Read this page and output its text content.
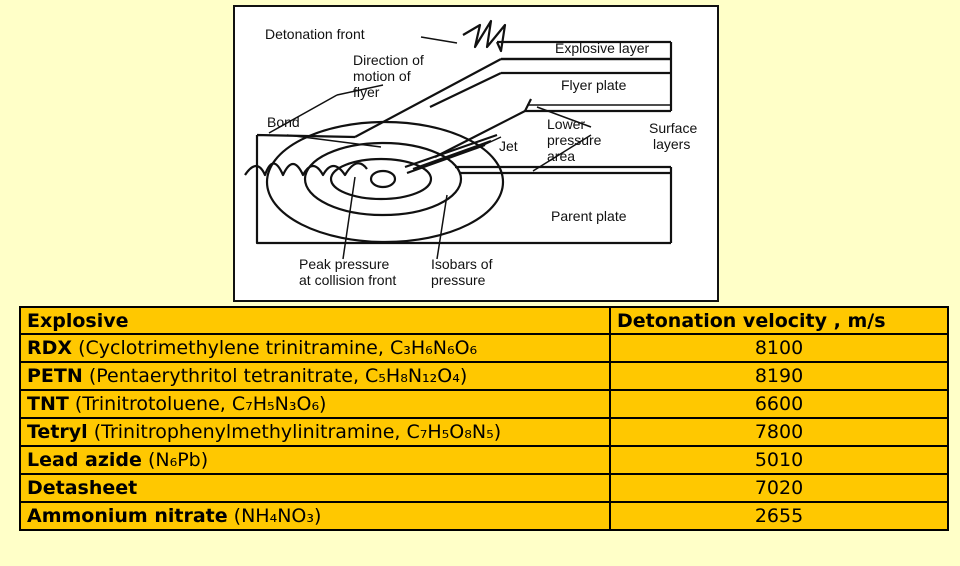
Detonation front
Explosive layer
Direction of
motion of
flyer	Flyer plate
Bond	Lower
pressure
area
Surface
layers
Jet
Parent plate
Peak pressure
at collision front
Isobars of
pressure
Explosive	Detonation velocity , m/s
RDX (Cyclotrimethylene trinitramine, C₃H₆N₆O₆	8100
PETN (Pentaerythritol tetranitrate, C₅H₈N₁₂O₄)	8190
TNT (Trinitrotoluene, C₇H₅N₃O₆)	6600
Tetryl (Trinitrophenylmethylinitramine, C₇H₅O₈N₅)	7800
Lead azide (N₆Pb)	5010
Detasheet	7020
Ammonium nitrate (NH₄NO₃)	2655
